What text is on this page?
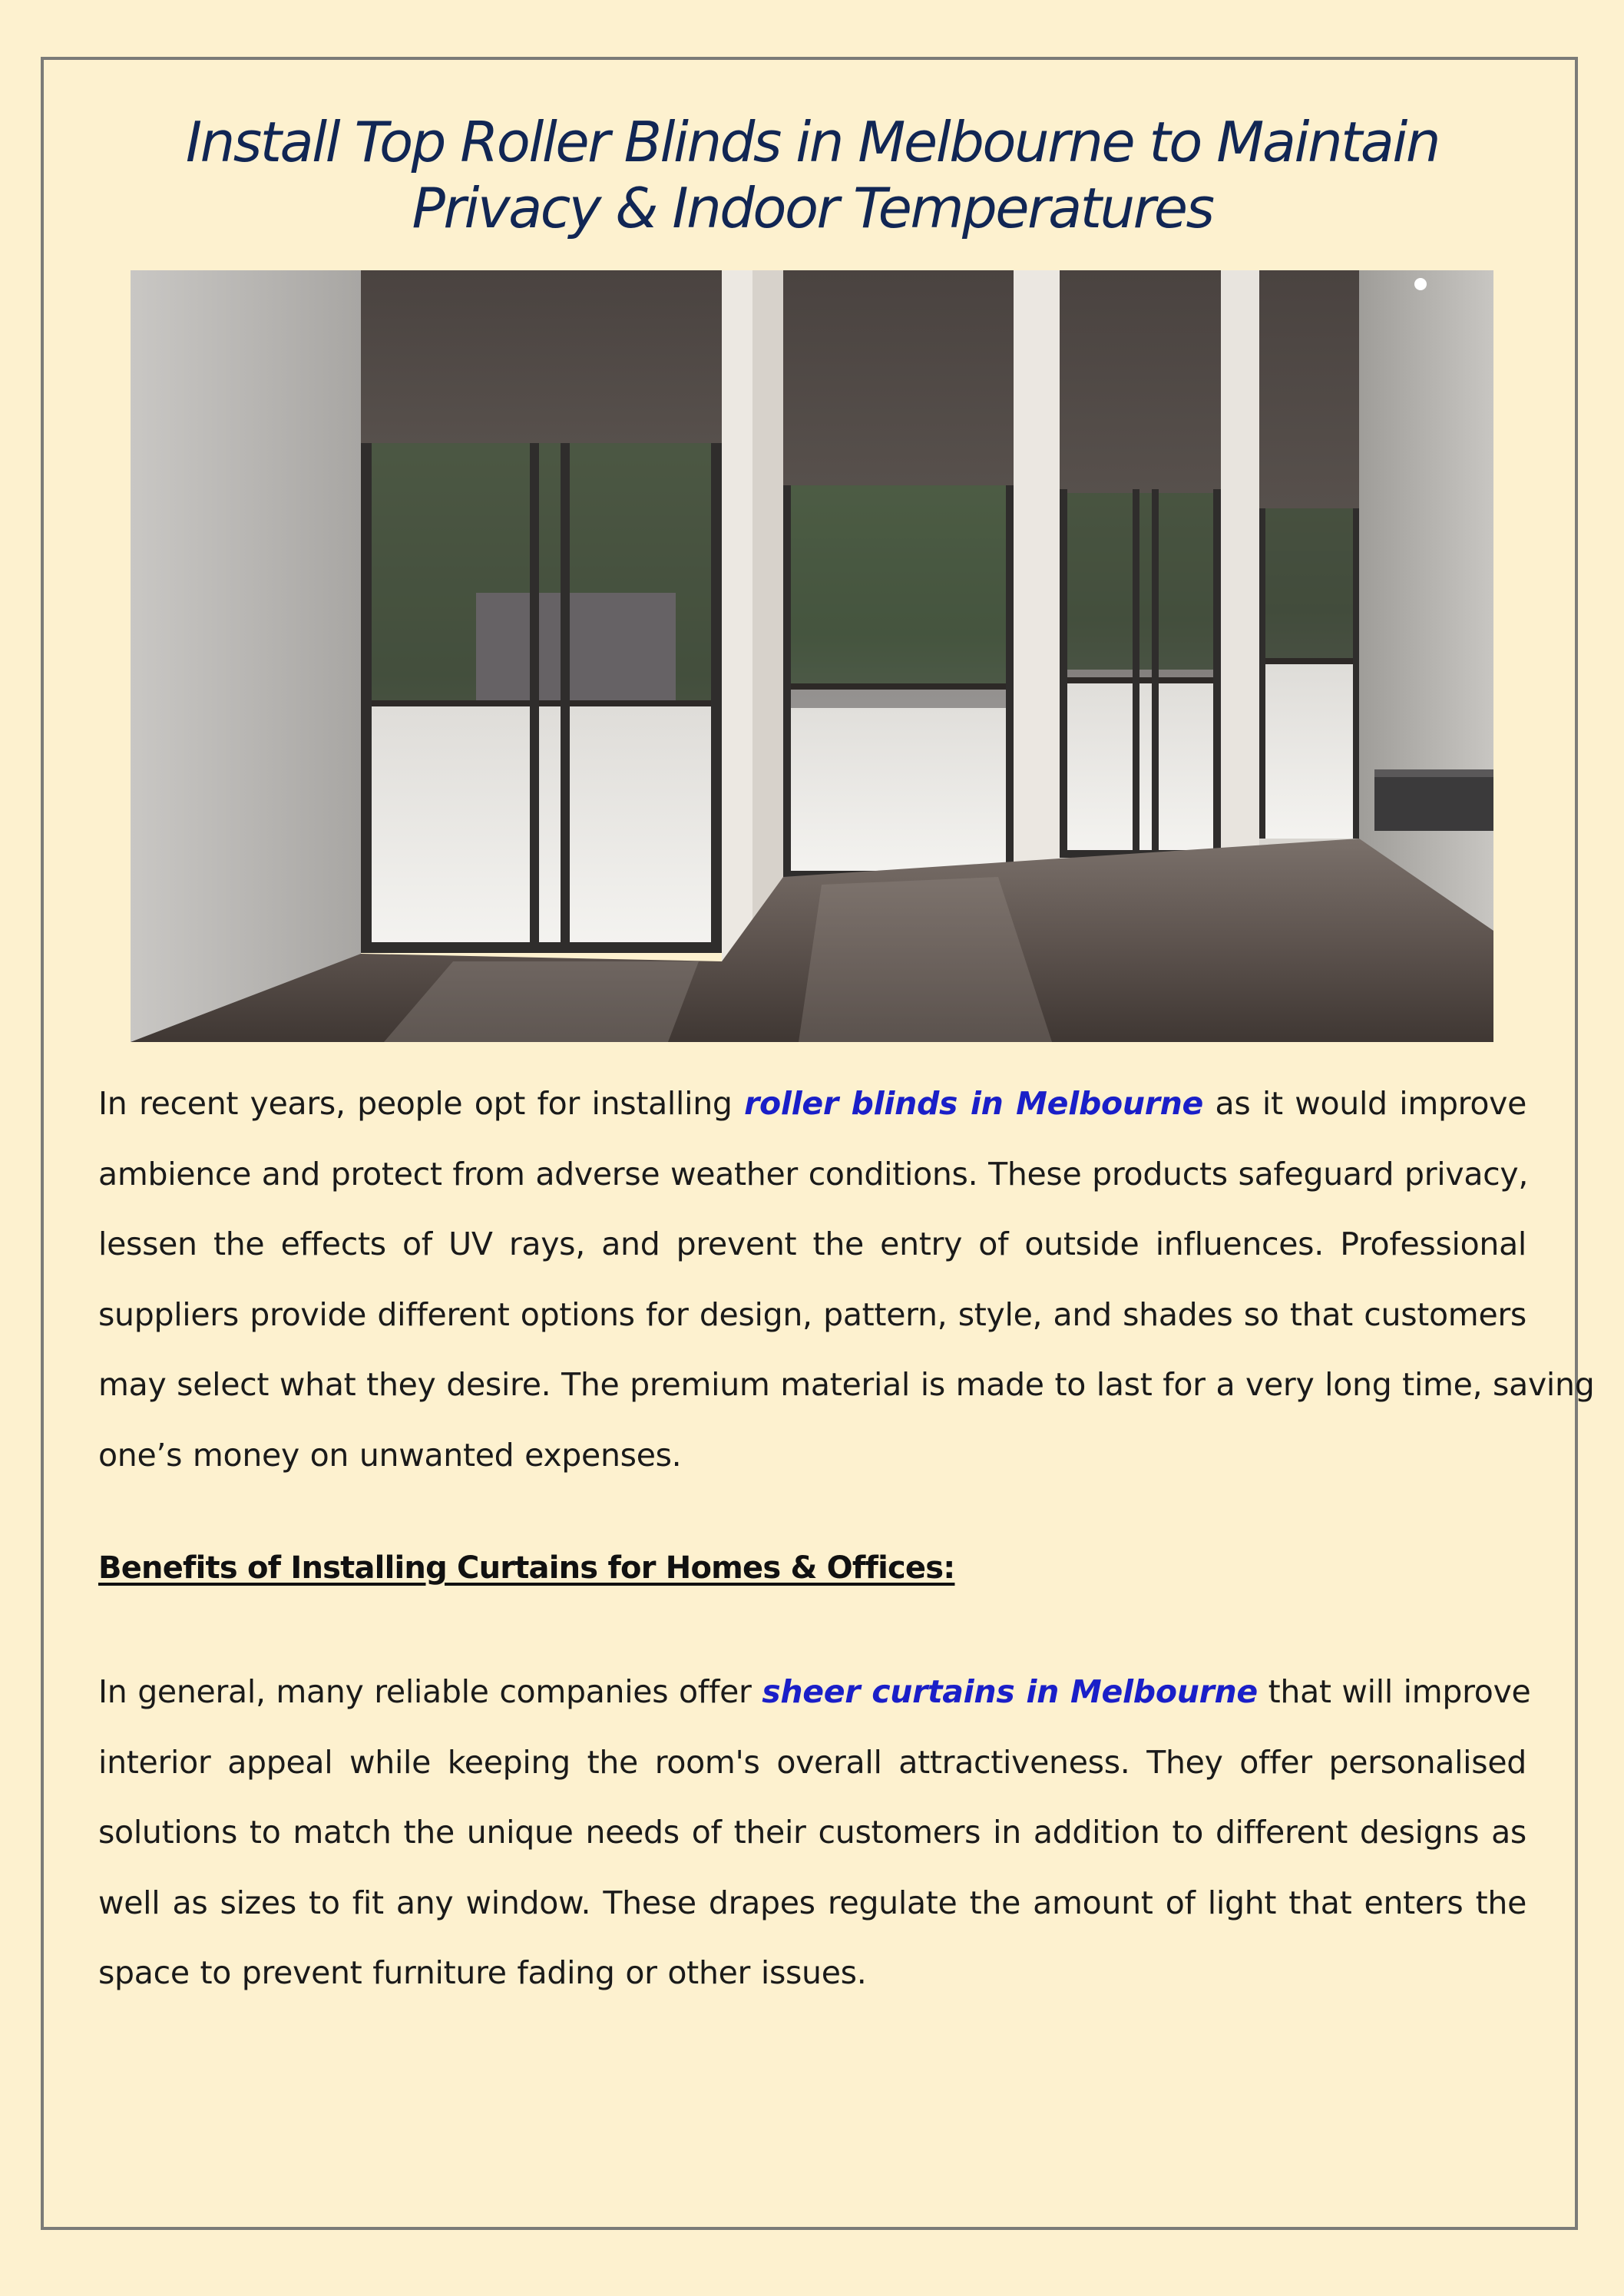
Install Top Roller Blinds in Melbourne to Maintain
Privacy & Indoor Temperatures
In recent years, people opt for installing roller blinds in Melbourne as it would improve
ambience and protect from adverse weather conditions. These products safeguard privacy,
lessen the effects of UV rays, and prevent the entry of outside influences. Professional
suppliers provide different options for design, pattern, style, and shades so that customers
may select what they desire. The premium material is made to last for a very long time, saving
one’s money on unwanted expenses.
Benefits of Installing Curtains for Homes & Offices:
In general, many reliable companies offer sheer curtains in Melbourne that will improve
interior appeal while keeping the room's overall attractiveness. They offer personalised
solutions to match the unique needs of their customers in addition to different designs as
well as sizes to fit any window. These drapes regulate the amount of light that enters the
space to prevent furniture fading or other issues.
